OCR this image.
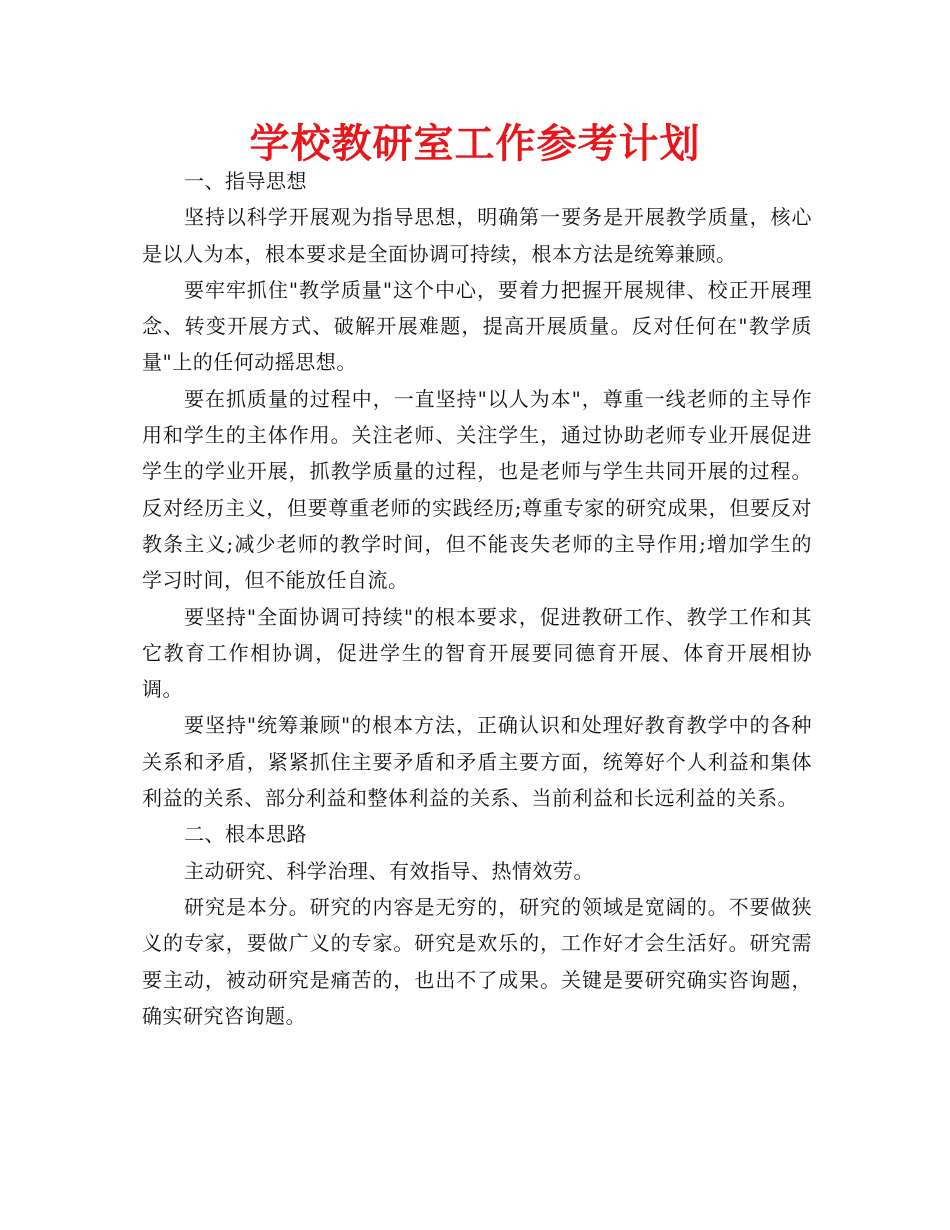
学校教研室工作参考计划

一、指导思想

坚持以科学开展观为指导思想，明确第一要务是开展教学质量，核心是以人为本，根本要求是全面协调可持续，根本方法是统筹兼顾。

要牢牢抓住"教学质量"这个中心，要着力把握开展规律、校正开展理念、转变开展方式、破解开展难题，提高开展质量。反对任何在"教学质量"上的任何动摇思想。

要在抓质量的过程中，一直坚持"以人为本"，尊重一线老师的主导作用和学生的主体作用。关注老师、关注学生，通过协助老师专业开展促进学生的学业开展，抓教学质量的过程，也是老师与学生共同开展的过程。反对经历主义，但要尊重老师的实践经历;尊重专家的研究成果，但要反对教条主义;减少老师的教学时间，但不能丧失老师的主导作用;增加学生的学习时间，但不能放任自流。

要坚持"全面协调可持续"的根本要求，促进教研工作、教学工作和其它教育工作相协调，促进学生的智育开展要同德育开展、体育开展相协调。

要坚持"统筹兼顾"的根本方法，正确认识和处理好教育教学中的各种关系和矛盾，紧紧抓住主要矛盾和矛盾主要方面，统筹好个人利益和集体利益的关系、部分利益和整体利益的关系、当前利益和长远利益的关系。

二、根本思路

主动研究、科学治理、有效指导、热情效劳。

研究是本分。研究的内容是无穷的，研究的领域是宽阔的。不要做狭义的专家，要做广义的专家。研究是欢乐的，工作好才会生活好。研究需要主动，被动研究是痛苦的，也出不了成果。关键是要研究确实咨询题，确实研究咨询题。
